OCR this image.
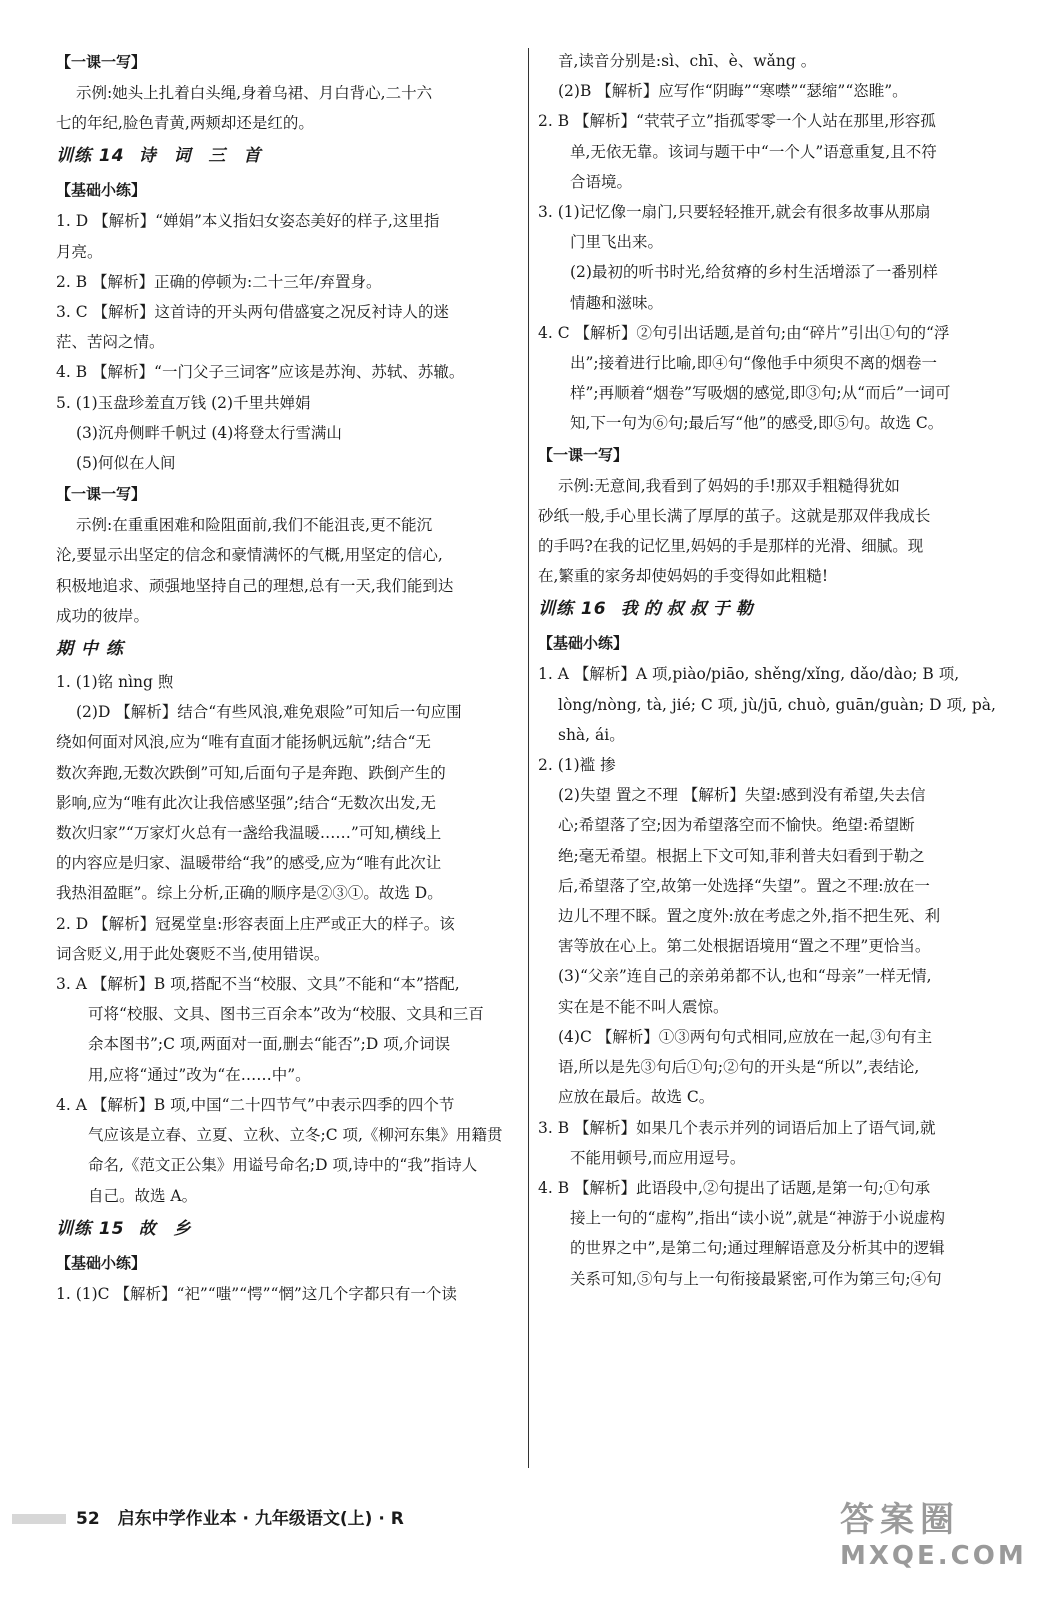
【一课一写】
示例:她头上扎着白头绳,身着乌裙、月白背心,二十六
七的年纪,脸色青黄,两颊却还是红的。
训练 14 诗 词 三 首
【基础小练】
1. D 【解析】“婵娟”本义指妇女姿态美好的样子,这里指
月亮。
2. B 【解析】正确的停顿为:二十三年/弃置身。
3. C 【解析】这首诗的开头两句借盛宴之况反衬诗人的迷
茫、苦闷之情。
4. B 【解析】“一门父子三词客”应该是苏洵、苏轼、苏辙。
5. (1)玉盘珍羞直万钱 (2)千里共婵娟
(3)沉舟侧畔千帆过 (4)将登太行雪满山
(5)何似在人间
【一课一写】
示例:在重重困难和险阻面前,我们不能沮丧,更不能沉
沦,要显示出坚定的信念和豪情满怀的气概,用坚定的信心,
积极地追求、顽强地坚持自己的理想,总有一天,我们能到达
成功的彼岸。
期 中 练
1. (1)铭 nìng 煦
(2)D 【解析】结合“有些风浪,难免艰险”可知后一句应围
绕如何面对风浪,应为“唯有直面才能扬帆远航”;结合“无
数次奔跑,无数次跌倒”可知,后面句子是奔跑、跌倒产生的
影响,应为“唯有此次让我倍感坚强”;结合“无数次出发,无
数次归家”“万家灯火总有一盏给我温暖……”可知,横线上
的内容应是归家、温暖带给“我”的感受,应为“唯有此次让
我热泪盈眶”。综上分析,正确的顺序是②③①。故选 D。
2. D 【解析】冠冕堂皇:形容表面上庄严或正大的样子。该
词含贬义,用于此处褒贬不当,使用错误。
3. A 【解析】B 项,搭配不当“校服、文具”不能和“本”搭配,
可将“校服、文具、图书三百余本”改为“校服、文具和三百
余本图书”;C 项,两面对一面,删去“能否”;D 项,介词误
用,应将“通过”改为“在……中”。
4. A 【解析】B 项,中国“二十四节气”中表示四季的四个节
气应该是立春、立夏、立秋、立冬;C 项,《柳河东集》用籍贯
命名,《范文正公集》用谥号命名;D 项,诗中的“我”指诗人
自己。故选 A。
训练 15 故 乡
【基础小练】
1. (1)C 【解析】“祀”“嗤”“愕”“惘”这几个字都只有一个读
音,读音分别是:sì、chī、è、wǎng 。
(2)B 【解析】应写作“阴晦”“寒噤”“瑟缩”“恣睢”。
2. B 【解析】“茕茕孑立”指孤零零一个人站在那里,形容孤
单,无依无靠。该词与题干中“一个人”语意重复,且不符
合语境。
3. (1)记忆像一扇门,只要轻轻推开,就会有很多故事从那扇
门里飞出来。
(2)最初的听书时光,给贫瘠的乡村生活增添了一番别样
情趣和滋味。
4. C 【解析】②句引出话题,是首句;由“碎片”引出①句的“浮
出”;接着进行比喻,即④句“像他手中须臾不离的烟卷一
样”;再顺着“烟卷”写吸烟的感觉,即③句;从“而后”一词可
知,下一句为⑥句;最后写“他”的感受,即⑤句。故选 C。
【一课一写】
示例:无意间,我看到了妈妈的手!那双手粗糙得犹如
砂纸一般,手心里长满了厚厚的茧子。这就是那双伴我成长
的手吗?在我的记忆里,妈妈的手是那样的光滑、细腻。现
在,繁重的家务却使妈妈的手变得如此粗糙!
训练 16 我的叔叔于勒
【基础小练】
1. A 【解析】A 项,piào/piāo, shěng/xǐng, dǎo/dào; B 项,
lòng/nòng, tà, jié; C 项, jù/jū, chuò, guān/guàn; D 项, pà,
shà, ái。
2. (1)褴 掺
(2)失望 置之不理 【解析】失望:感到没有希望,失去信
心;希望落了空;因为希望落空而不愉快。绝望:希望断
绝;毫无希望。根据上下文可知,菲利普夫妇看到于勒之
后,希望落了空,故第一处选择“失望”。置之不理:放在一
边儿不理不睬。置之度外:放在考虑之外,指不把生死、利
害等放在心上。第二处根据语境用“置之不理”更恰当。
(3)“父亲”连自己的亲弟弟都不认,也和“母亲”一样无情,
实在是不能不叫人震惊。
(4)C 【解析】①③两句句式相同,应放在一起,③句有主
语,所以是先③句后①句;②句的开头是“所以”,表结论,
应放在最后。故选 C。
3. B 【解析】如果几个表示并列的词语后加上了语气词,就
不能用顿号,而应用逗号。
4. B 【解析】此语段中,②句提出了话题,是第一句;①句承
接上一句的“虚构”,指出“读小说”,就是“神游于小说虚构
的世界之中”,是第二句;通过理解语意及分析其中的逻辑
关系可知,⑤句与上一句衔接最紧密,可作为第三句;④句
52 启东中学作业本 · 九年级语文(上) · R	答案圈
MXQE.COM
